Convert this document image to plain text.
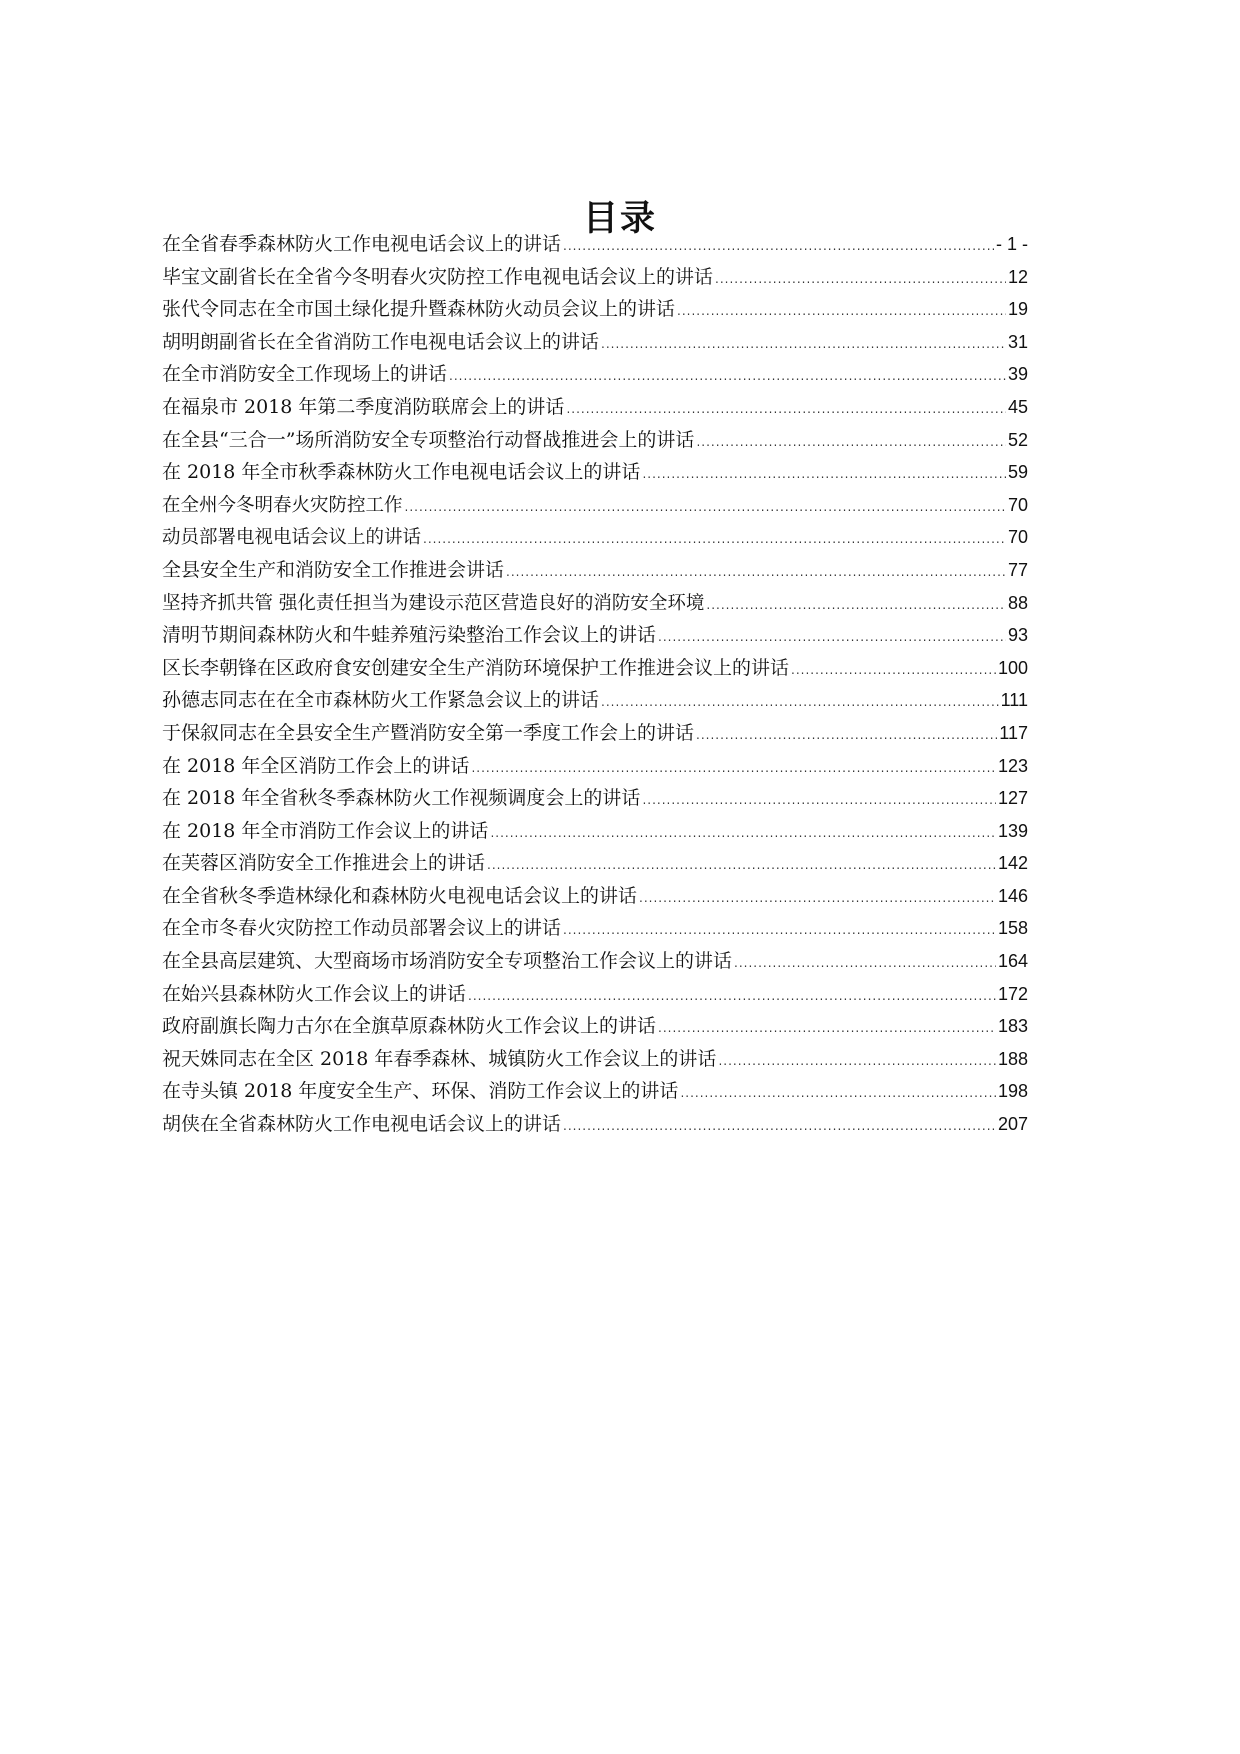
目录
在全省春季森林防火工作电视电话会议上的讲话 .....	- 1 -
毕宝文副省长在全省今冬明春火灾防控工作电视电话会议上的讲话 .....	12
张代令同志在全市国土绿化提升暨森林防火动员会议上的讲话 .....	19
胡明朗副省长在全省消防工作电视电话会议上的讲话 .....	31
在全市消防安全工作现场上的讲话 .....	39
在福泉市 2018 年第二季度消防联席会上的讲话 .....	45
在全县“三合一”场所消防安全专项整治行动督战推进会上的讲话 .....	52
在 2018 年全市秋季森林防火工作电视电话会议上的讲话 .....	59
在全州今冬明春火灾防控工作 .....	70
动员部署电视电话会议上的讲话 .....	70
全县安全生产和消防安全工作推进会讲话 .....	77
坚持齐抓共管 强化责任担当为建设示范区营造良好的消防安全环境 .....	88
清明节期间森林防火和牛蛙养殖污染整治工作会议上的讲话 .....	93
区长李朝锋在区政府食安创建安全生产消防环境保护工作推进会议上的讲话 .....	100
孙德志同志在在全市森林防火工作紧急会议上的讲话 .....	111
于保叙同志在全县安全生产暨消防安全第一季度工作会上的讲话 .....	117
在 2018 年全区消防工作会上的讲话 .....	123
在 2018 年全省秋冬季森林防火工作视频调度会上的讲话 .....	127
在 2018 年全市消防工作会议上的讲话 .....	139
在芙蓉区消防安全工作推进会上的讲话 .....	142
在全省秋冬季造林绿化和森林防火电视电话会议上的讲话 .....	146
在全市冬春火灾防控工作动员部署会议上的讲话 .....	158
在全县高层建筑、大型商场市场消防安全专项整治工作会议上的讲话 .....	164
在始兴县森林防火工作会议上的讲话 .....	172
政府副旗长陶力古尔在全旗草原森林防火工作会议上的讲话 .....	183
祝天姝同志在全区 2018 年春季森林、城镇防火工作会议上的讲话 .....	188
在寺头镇 2018 年度安全生产、环保、消防工作会议上的讲话 .....	198
胡侠在全省森林防火工作电视电话会议上的讲话 .....	207
